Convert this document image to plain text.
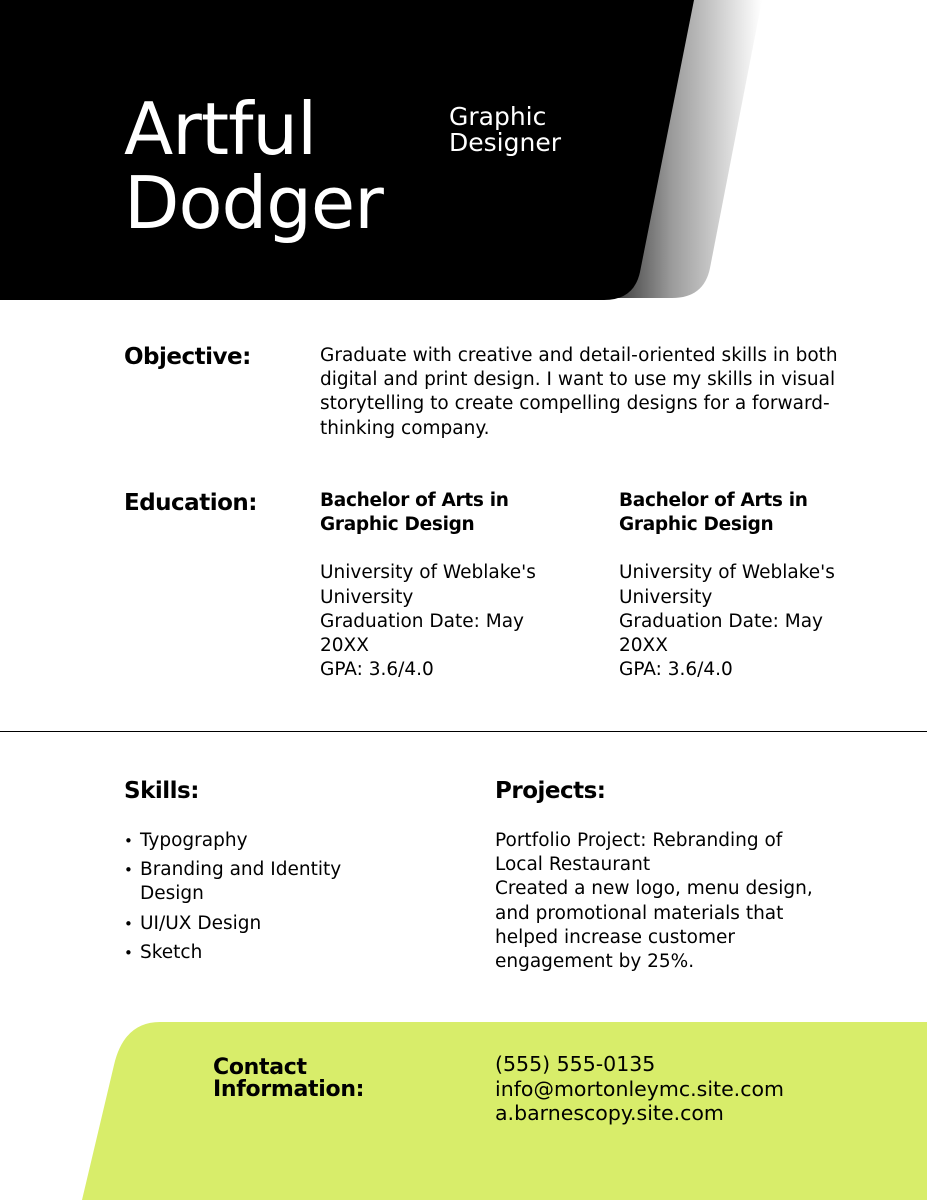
Artful
Dodger
Graphic
Designer
Objective:	Graduate with creative and detail-oriented skills in both digital and print design. I want to use my skills in visual storytelling to create compelling designs for a forward-thinking company.
Education:	Bachelor of Arts in
Graphic Design
University of Weblake's
University
Graduation Date: May
20XX
GPA: 3.6/4.0
Bachelor of Arts in
Graphic Design
University of Weblake's
University
Graduation Date: May
20XX
GPA: 3.6/4.0
Skills:
• Typography
• Branding and Identity Design
• UI/UX Design
• Sketch
Projects:
Portfolio Project: Rebranding of Local Restaurant
Created a new logo, menu design, and promotional materials that helped increase customer engagement by 25%.
Contact
Information:
(555) 555-0135
info@mortonleymc.site.com
a.barnescopy.site.com
